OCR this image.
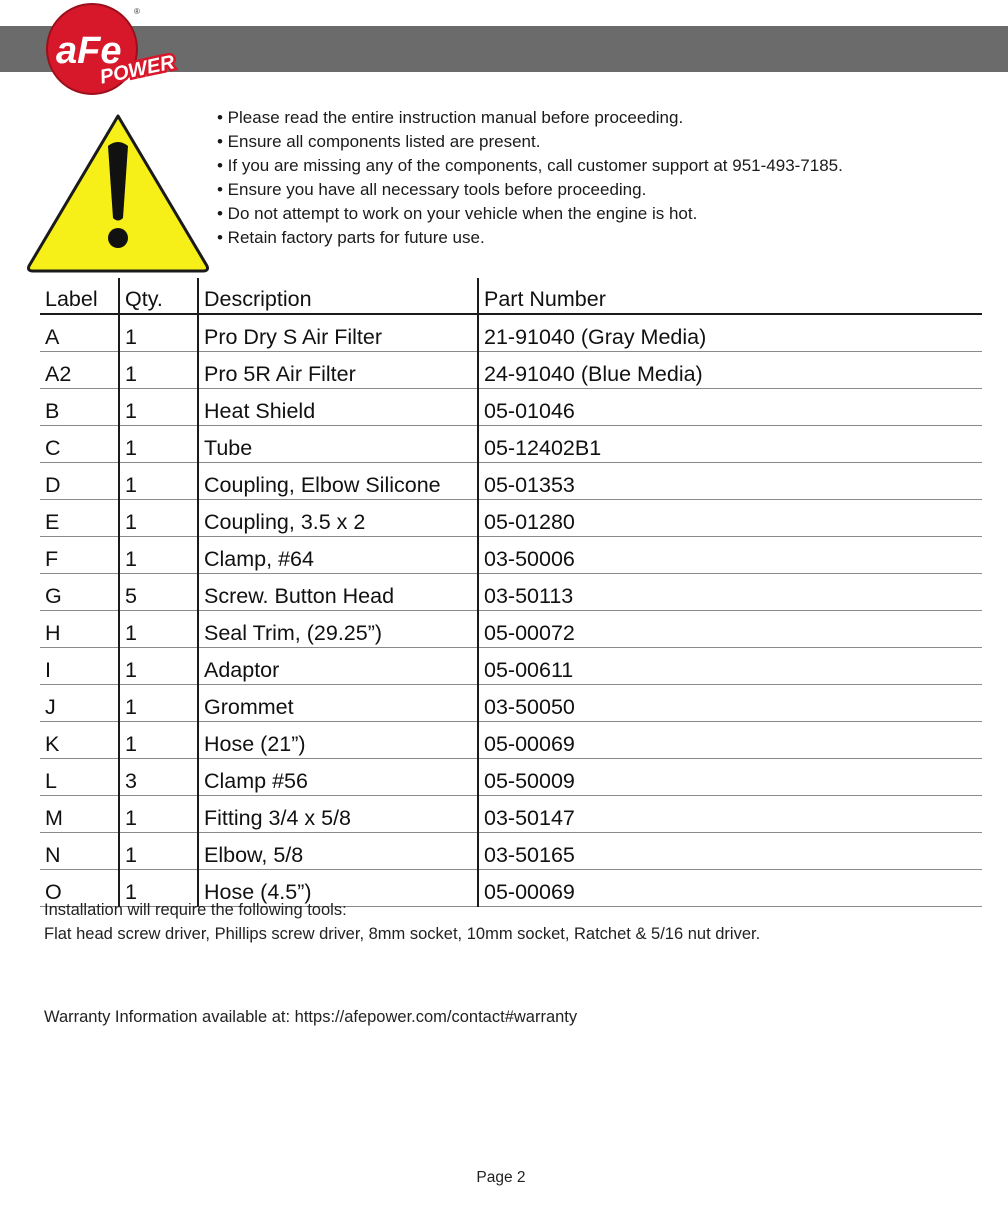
aFe
®
POWER
• Please read the entire instruction manual before proceeding.
• Ensure all components listed are present.
• If you are missing any of the components, call customer support at 951-493-7185.
• Ensure you have all necessary tools before proceeding.
• Do not attempt to work on your vehicle when the engine is hot.
• Retain factory parts for future use.
Label	Qty.	Description	Part Number
A	1	Pro Dry S Air Filter	21-91040 (Gray Media)
A2	1	Pro 5R Air Filter	24-91040 (Blue Media)
B	1	Heat Shield	05-01046
C	1	Tube	05-12402B1
D	1	Coupling, Elbow Silicone	05-01353
E	1	Coupling, 3.5 x 2	05-01280
F	1	Clamp, #64	03-50006
G	5	Screw. Button Head	03-50113
H	1	Seal Trim, (29.25”)	05-00072
I	1	Adaptor	05-00611
J	1	Grommet	03-50050
K	1	Hose (21”)	05-00069
L	3	Clamp #56	05-50009
M	1	Fitting 3/4 x 5/8	03-50147
N	1	Elbow, 5/8	03-50165
O	1	Hose (4.5”)	05-00069
Installation will require the following tools:
Flat head screw driver, Phillips screw driver, 8mm socket, 10mm socket, Ratchet & 5/16 nut driver.
Warranty Information available at: https://afepower.com/contact#warranty
Page 2
